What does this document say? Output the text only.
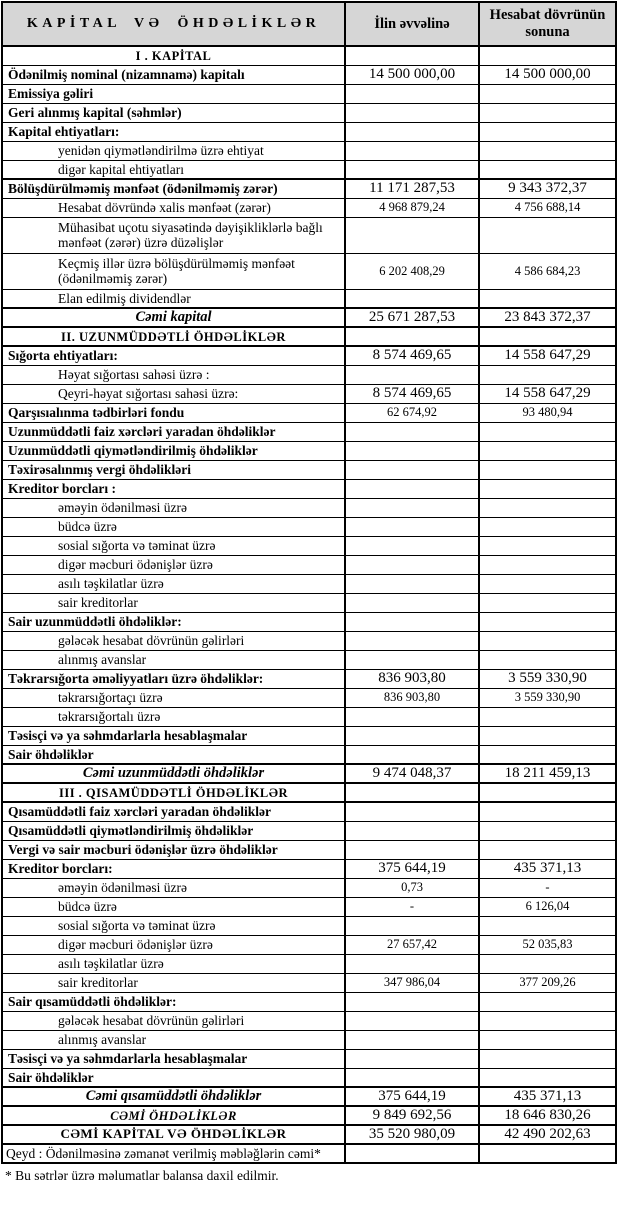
KAPİTAL VƏ ÖHDƏLİKLƏR	İlin əvvəlinə	Hesabat dövrünün sonuna
I . KAPİTAL		
Ödənilmiş nominal (nizamnamə) kapitalı	14 500 000,00	14 500 000,00
Emissiya gəliri		
Geri alınmış kapital (səhmlər)		
Kapital ehtiyatları:		
yenidən qiymətləndirilmə üzrə ehtiyat		
digər kapital ehtiyatları		
Bölüşdürülməmiş mənfəət (ödənilməmiş zərər)	11 171 287,53	9 343 372,37
Hesabat dövründə xalis mənfəət (zərər)	4 968 879,24	4 756 688,14
Mühasibat uçotu siyasətində dəyişikliklərlə bağlı mənfəət (zərər) üzrə düzəlişlər		
Keçmiş illər üzrə bölüşdürülməmiş mənfəət (ödənilməmiş zərər)	6 202 408,29	4 586 684,23
Elan edilmiş dividendlər		
Cəmi kapital	25 671 287,53	23 843 372,37
II. UZUNMÜDDƏTLİ ÖHDƏLİKLƏR		
Sığorta ehtiyatları:	8 574 469,65	14 558 647,29
Həyat sığortası sahəsi üzrə :		
Qeyri-həyat sığortası sahəsi üzrə:	8 574 469,65	14 558 647,29
Qarşısıalınma tədbirləri fondu	62 674,92	93 480,94
Uzunmüddətli faiz xərcləri yaradan öhdəliklər		
Uzunmüddətli qiymətləndirilmiş öhdəliklər		
Təxirəsalınmış vergi öhdəlikləri		
Kreditor borcları :		
əməyin ödənilməsi üzrə		
büdcə üzrə		
sosial sığorta və təminat üzrə		
digər məcburi ödənişlər üzrə		
asılı təşkilatlar üzrə		
sair kreditorlar		
Sair uzunmüddətli öhdəliklər:		
gələcək hesabat dövrünün gəlirləri		
alınmış avanslar		
Təkrarsığorta əməliyyatları üzrə öhdəliklər:	836 903,80	3 559 330,90
təkrarsığortaçı üzrə	836 903,80	3 559 330,90
təkrarsığortalı üzrə		
Təsisçi və ya səhmdarlarla hesablaşmalar		
Sair öhdəliklər		
Cəmi uzunmüddətli öhdəliklər	9 474 048,37	18 211 459,13
III . QISAMÜDDƏTLİ ÖHDƏLİKLƏR		
Qısamüddətli faiz xərcləri yaradan öhdəliklər		
Qısamüddətli qiymətləndirilmiş öhdəliklər		
Vergi və sair məcburi ödənişlər üzrə öhdəliklər		
Kreditor borcları:	375 644,19	435 371,13
əməyin ödənilməsi üzrə	0,73	-
büdcə üzrə	-	6 126,04
sosial sığorta və təminat üzrə		
digər məcburi ödənişlər üzrə	27 657,42	52 035,83
asılı təşkilatlar üzrə		
sair kreditorlar	347 986,04	377 209,26
Sair qısamüddətli öhdəliklər:		
gələcək hesabat dövrünün gəlirləri		
alınmış avanslar		
Təsisçi və ya səhmdarlarla hesablaşmalar		
Sair öhdəliklər		
Cəmi qısamüddətli öhdəliklər	375 644,19	435 371,13
CƏMİ ÖHDƏLİKLƏR	9 849 692,56	18 646 830,26
CƏMİ KAPİTAL VƏ ÖHDƏLİKLƏR	35 520 980,09	42 490 202,63
Qeyd : Ödənilməsinə zəmanət verilmiş məbləğlərin cəmi*		
* Bu sətrlər üzrə məlumatlar balansa daxil edilmir.
